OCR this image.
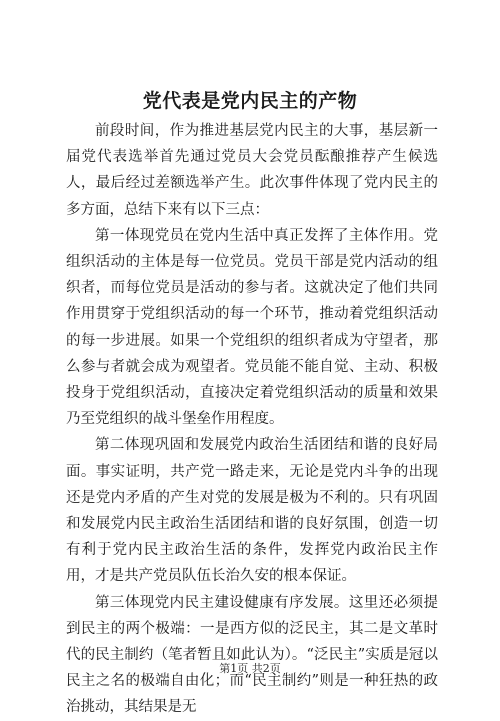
党代表是党内民主的产物

前段时间，作为推进基层党内民主的大事，基层新一届党代表选举首先通过党员大会党员酝酿推荐产生候选人，最后经过差额选举产生。此次事件体现了党内民主的多方面，总结下来有以下三点：

第一体现党员在党内生活中真正发挥了主体作用。党组织活动的主体是每一位党员。党员干部是党内活动的组织者，而每位党员是活动的参与者。这就决定了他们共同作用贯穿于党组织活动的每一个环节，推动着党组织活动的每一步进展。如果一个党组织的组织者成为守望者，那么参与者就会成为观望者。党员能不能自觉、主动、积极投身于党组织活动，直接决定着党组织活动的质量和效果乃至党组织的战斗堡垒作用程度。

第二体现巩固和发展党内政治生活团结和谐的良好局面。事实证明，共产党一路走来，无论是党内斗争的出现还是党内矛盾的产生对党的发展是极为不利的。只有巩固和发展党内民主政治生活团结和谐的良好氛围，创造一切有利于党内民主政治生活的条件，发挥党内政治民主作用，才是共产党员队伍长治久安的根本保证。

第三体现党内民主建设健康有序发展。这里还必须提到民主的两个极端：一是西方似的泛民主，其二是文革时代的民主制约（笔者暂且如此认为）。“泛民主”实质是冠以民主之名的极端自由化；而“民主制约”则是一种狂热的政治挑动，其结果是无

第1页 共2页
